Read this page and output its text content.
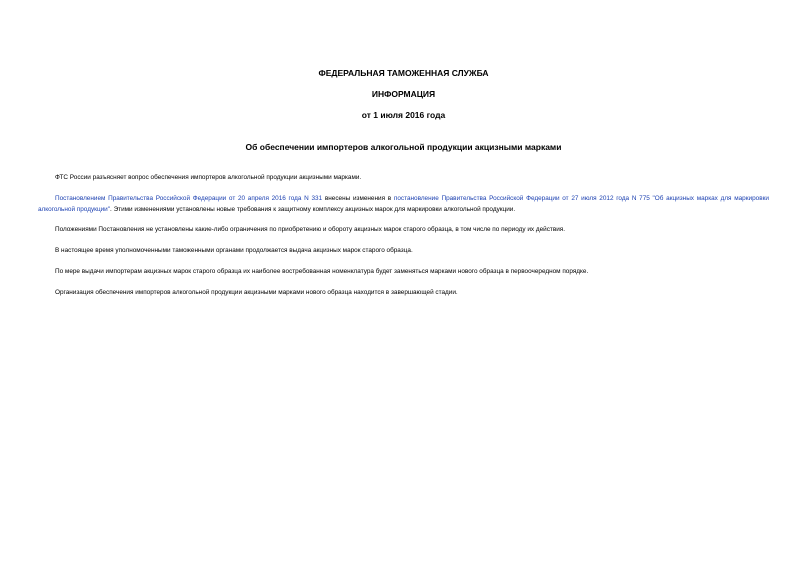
ФЕДЕРАЛЬНАЯ ТАМОЖЕННАЯ СЛУЖБА
ИНФОРМАЦИЯ
от 1 июля 2016 года
Об обеспечении импортеров алкогольной продукции акцизными марками
ФТС России разъясняет вопрос обеспечения импортеров алкогольной продукции акцизными марками.
Постановлением Правительства Российской Федерации от 20 апреля 2016 года N 331 внесены изменения в постановление Правительства Российской Федерации от 27 июля 2012 года N 775 "Об акцизных марках для маркировки алкогольной продукции". Этими изменениями установлены новые требования к защитному комплексу акцизных марок для маркировки алкогольной продукции.
Положениями Постановления не установлены какие-либо ограничения по приобретению и обороту акцизных марок старого образца, в том числе по периоду их действия.
В настоящее время уполномоченными таможенными органами продолжается выдача акцизных марок старого образца.
По мере выдачи импортерам акцизных марок старого образца их наиболее востребованная номенклатура будет заменяться марками нового образца в первоочередном порядке.
Организация обеспечения импортеров алкогольной продукции акцизными марками нового образца находится в завершающей стадии.
